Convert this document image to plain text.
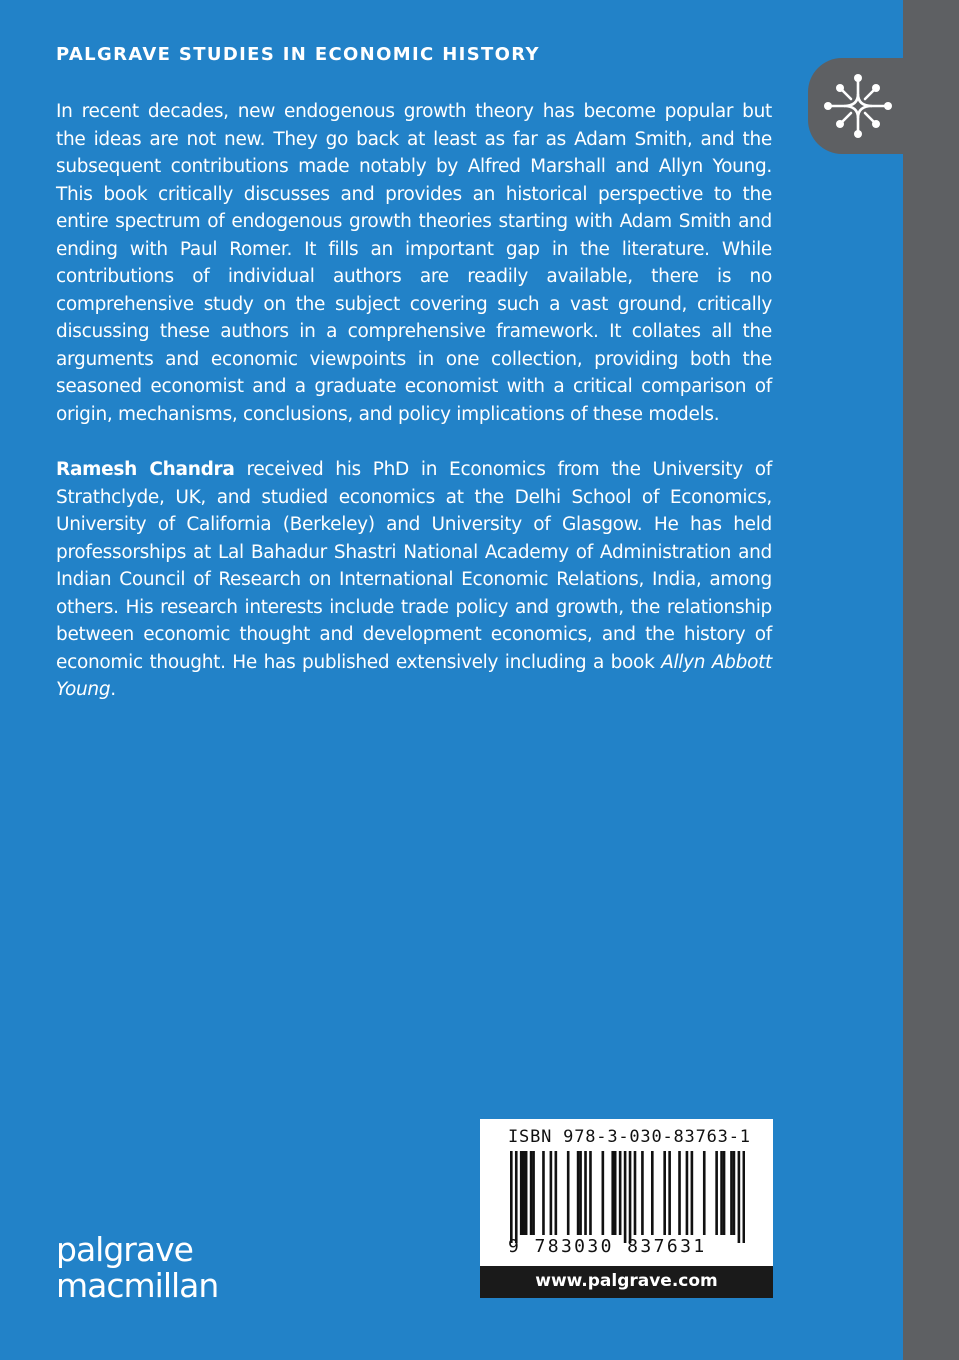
PALGRAVE STUDIES IN ECONOMIC HISTORY

In recent decades, new endogenous growth theory has become popular but the ideas are not new. They go back at least as far as Adam Smith, and the subsequent contributions made notably by Alfred Marshall and Allyn Young. This book critically discusses and provides an historical perspective to the entire spectrum of endogenous growth theories starting with Adam Smith and ending with Paul Romer. It fills an important gap in the literature. While contributions of individual authors are readily available, there is no comprehensive study on the subject covering such a vast ground, critically discussing these authors in a comprehensive framework. It collates all the arguments and economic viewpoints in one collection, providing both the seasoned economist and a graduate economist with a critical comparison of origin, mechanisms, conclusions, and policy implications of these models.

Ramesh Chandra received his PhD in Economics from the University of Strathclyde, UK, and studied economics at the Delhi School of Economics, University of California (Berkeley) and University of Glasgow. He has held professorships at Lal Bahadur Shastri National Academy of Administration and Indian Council of Research on International Economic Relations, India, among others. His research interests include trade policy and growth, the relationship between economic thought and development economics, and the history of economic thought. He has published extensively including a book Allyn Abbott Young.

palgrave
macmillan
ISBN 978-3-030-83763-1
9 783030 837631
www.palgrave.com
